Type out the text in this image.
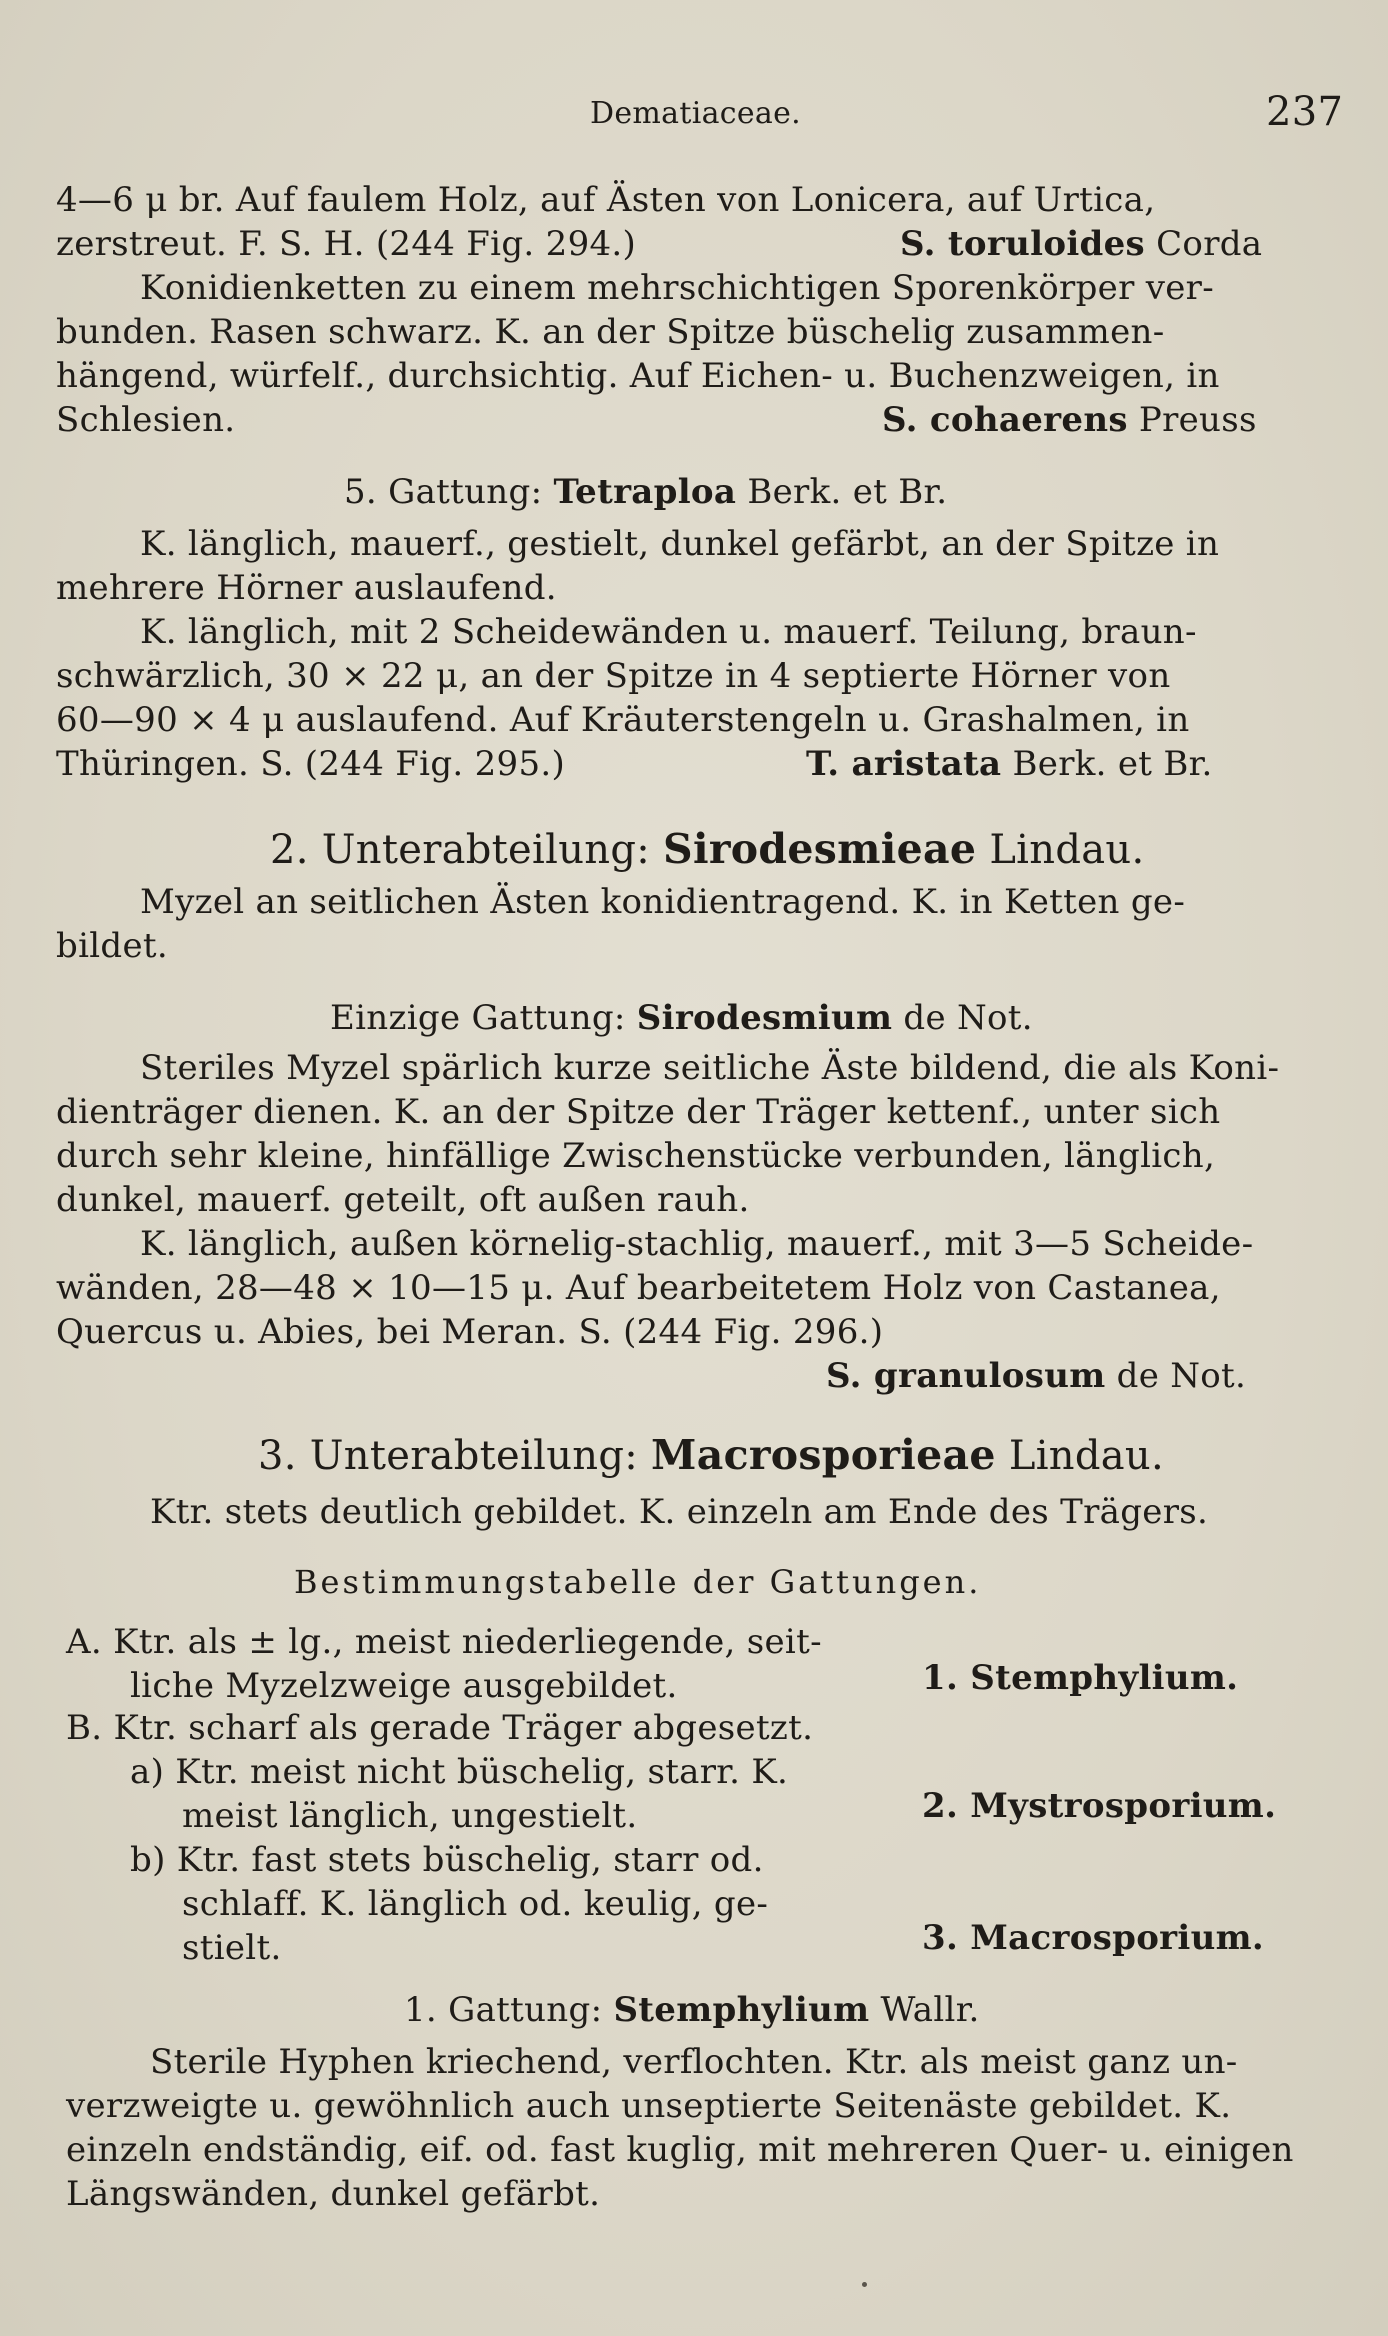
Dematiaceae.	237
4—6 μ br. Auf faulem Holz, auf Ästen von Lonicera, auf Urtica,
zerstreut. F. S. H. (244 Fig. 294.)	S. toruloides Corda
Konidienketten zu einem mehrschichtigen Sporenkörper ver-
bunden. Rasen schwarz. K. an der Spitze büschelig zusammen-
hängend, würfelf., durchsichtig. Auf Eichen- u. Buchenzweigen, in
Schlesien.	S. cohaerens Preuss
5. Gattung: Tetraploa Berk. et Br.
K. länglich, mauerf., gestielt, dunkel gefärbt, an der Spitze in
mehrere Hörner auslaufend.
K. länglich, mit 2 Scheidewänden u. mauerf. Teilung, braun-
schwärzlich, 30 × 22 μ, an der Spitze in 4 septierte Hörner von
60—90 × 4 μ auslaufend. Auf Kräuterstengeln u. Grashalmen, in
Thüringen. S. (244 Fig. 295.)	T. aristata Berk. et Br.
2. Unterabteilung: Sirodesmieae Lindau.
Myzel an seitlichen Ästen konidientragend. K. in Ketten ge-
bildet.
Einzige Gattung: Sirodesmium de Not.
Steriles Myzel spärlich kurze seitliche Äste bildend, die als Koni-
dienträger dienen. K. an der Spitze der Träger kettenf., unter sich
durch sehr kleine, hinfällige Zwischenstücke verbunden, länglich,
dunkel, mauerf. geteilt, oft außen rauh.
K. länglich, außen körnelig-stachlig, mauerf., mit 3—5 Scheide-
wänden, 28—48 × 10—15 μ. Auf bearbeitetem Holz von Castanea,
Quercus u. Abies, bei Meran. S. (244 Fig. 296.)
S. granulosum de Not.
3. Unterabteilung: Macrosporieae Lindau.
Ktr. stets deutlich gebildet. K. einzeln am Ende des Trägers.
Bestimmungstabelle der Gattungen.
A. Ktr. als ± lg., meist niederliegende, seit-
liche Myzelzweige ausgebildet.	1. Stemphylium.
B. Ktr. scharf als gerade Träger abgesetzt.
a) Ktr. meist nicht büschelig, starr. K.
meist länglich, ungestielt.	2. Mystrosporium.
b) Ktr. fast stets büschelig, starr od.
schlaff. K. länglich od. keulig, ge-
stielt.	3. Macrosporium.
1. Gattung: Stemphylium Wallr.
Sterile Hyphen kriechend, verflochten. Ktr. als meist ganz un-
verzweigte u. gewöhnlich auch unseptierte Seitenäste gebildet. K.
einzeln endständig, eif. od. fast kuglig, mit mehreren Quer- u. einigen
Längswänden, dunkel gefärbt.
